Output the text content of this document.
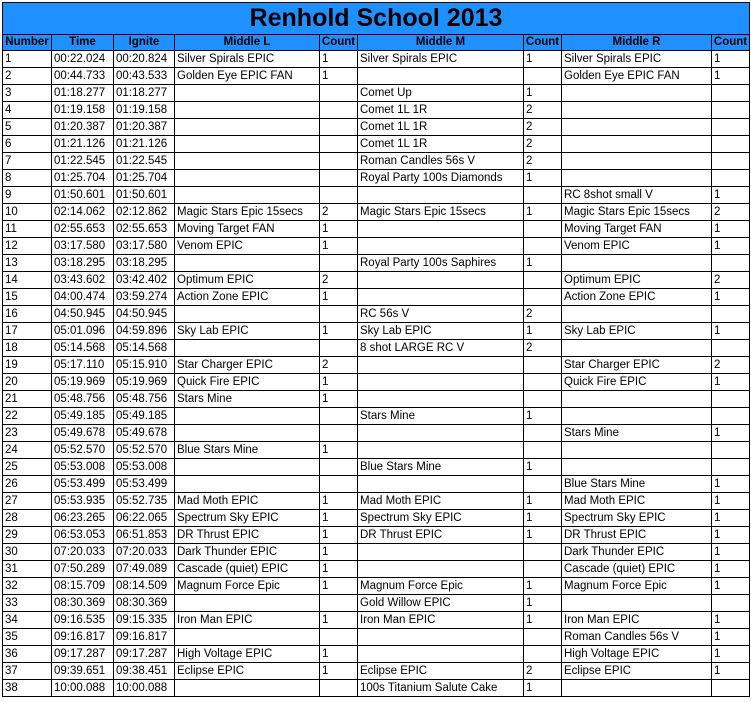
Renhold School 2013								
Number	Time	Ignite	Middle L	Count	Middle M	Count	Middle R	Count
1	00:22.024	00:20.824	Silver Spirals EPIC	1	Silver Spirals EPIC	1	Silver Spirals EPIC	1
2	00:44.733	00:43.533	Golden Eye EPIC FAN	1			Golden Eye EPIC FAN	1
3	01:18.277	01:18.277			Comet Up	1		
4	01:19.158	01:19.158			Comet 1L 1R	2		
5	01:20.387	01:20.387			Comet 1L 1R	2		
6	01:21.126	01:21.126			Comet 1L 1R	2		
7	01:22.545	01:22.545			Roman Candles 56s V	2		
8	01:25.704	01:25.704			Royal Party 100s Diamonds	1		
9	01:50.601	01:50.601					RC 8shot small V	1
10	02:14.062	02:12.862	Magic Stars Epic 15secs	2	Magic Stars Epic 15secs	1	Magic Stars Epic 15secs	2
11	02:55.653	02:55.653	Moving Target FAN	1			Moving Target FAN	1
12	03:17.580	03:17.580	Venom EPIC	1			Venom EPIC	1
13	03:18.295	03:18.295			Royal Party 100s Saphires	1		
14	03:43.602	03:42.402	Optimum EPIC	2			Optimum EPIC	2
15	04:00.474	03:59.274	Action Zone EPIC	1			Action Zone EPIC	1
16	04:50.945	04:50.945			RC 56s V	2		
17	05:01.096	04:59.896	Sky Lab EPIC	1	Sky Lab EPIC	1	Sky Lab EPIC	1
18	05:14.568	05:14.568			8 shot LARGE RC V	2		
19	05:17.110	05:15.910	Star Charger EPIC	2			Star Charger EPIC	2
20	05:19.969	05:19.969	Quick Fire EPIC	1			Quick Fire EPIC	1
21	05:48.756	05:48.756	Stars Mine	1				
22	05:49.185	05:49.185			Stars Mine	1		
23	05:49.678	05:49.678					Stars Mine	1
24	05:52.570	05:52.570	Blue Stars Mine	1				
25	05:53.008	05:53.008			Blue Stars Mine	1		
26	05:53.499	05:53.499					Blue Stars Mine	1
27	05:53.935	05:52.735	Mad Moth EPIC	1	Mad Moth EPIC	1	Mad Moth EPIC	1
28	06:23.265	06:22.065	Spectrum Sky EPIC	1	Spectrum Sky EPIC	1	Spectrum Sky EPIC	1
29	06:53.053	06:51.853	DR Thrust EPIC	1	DR Thrust EPIC	1	DR Thrust EPIC	1
30	07:20.033	07:20.033	Dark Thunder EPIC	1			Dark Thunder EPIC	1
31	07:50.289	07:49.089	Cascade (quiet) EPIC	1			Cascade (quiet) EPIC	1
32	08:15.709	08:14.509	Magnum Force Epic	1	Magnum Force Epic	1	Magnum Force Epic	1
33	08:30.369	08:30.369			Gold Willow EPIC	1		
34	09:16.535	09:15.335	Iron Man EPIC	1	Iron Man EPIC	1	Iron Man EPIC	1
35	09:16.817	09:16.817					Roman Candles 56s V	1
36	09:17.287	09:17.287	High Voltage EPIC	1			High Voltage EPIC	1
37	09:39.651	09:38.451	Eclipse EPIC	1	Eclipse EPIC	2	Eclipse EPIC	1
38	10:00.088	10:00.088			100s Titanium Salute Cake	1		
